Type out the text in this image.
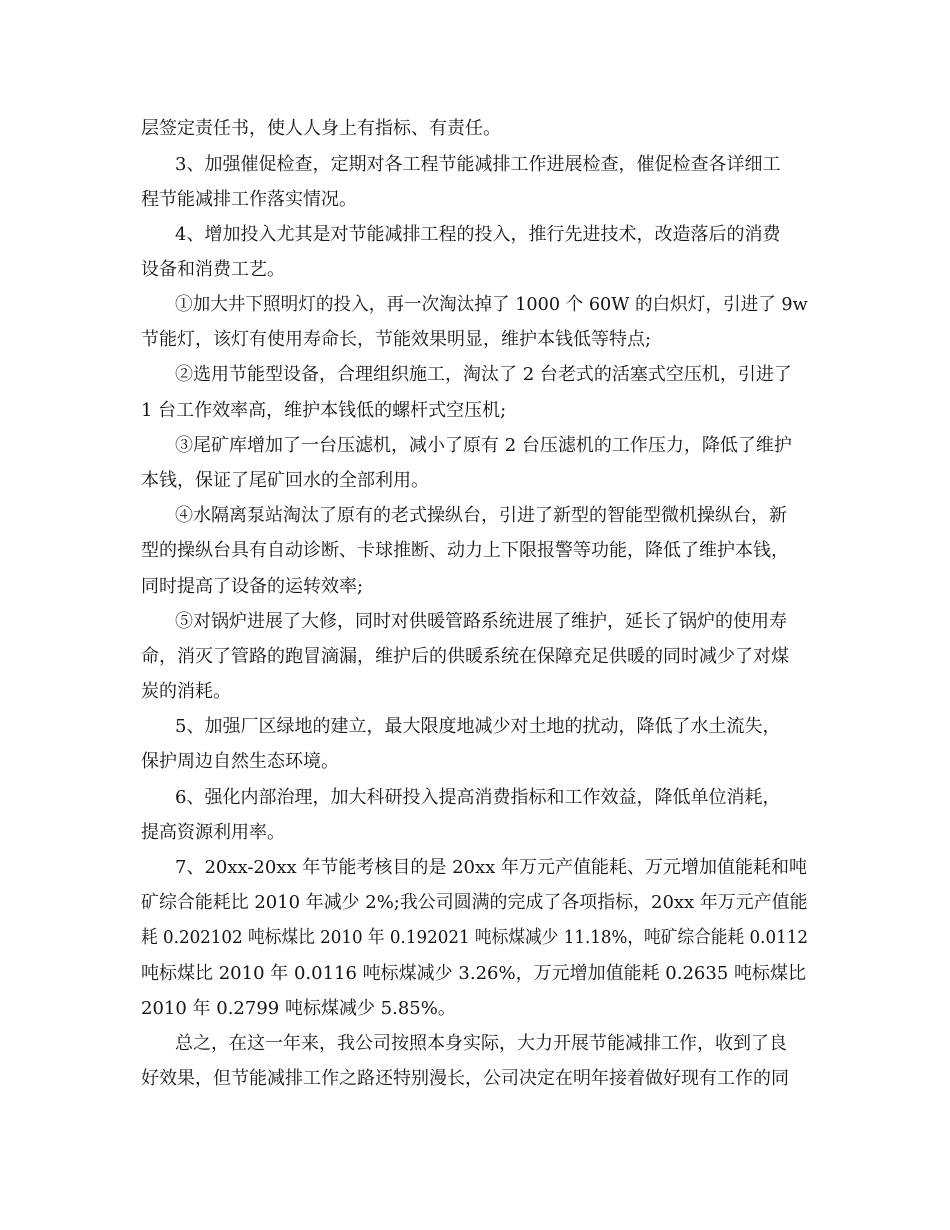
层签定责任书，使人人身上有指标、有责任。
3、加强催促检查，定期对各工程节能减排工作进展检查，催促检查各详细工
程节能减排工作落实情况。
4、增加投入尤其是对节能减排工程的投入，推行先进技术，改造落后的消费
设备和消费工艺。
①加大井下照明灯的投入，再一次淘汰掉了 1000 个 60W 的白炽灯，引进了 9w
节能灯，该灯有使用寿命长，节能效果明显，维护本钱低等特点;
②选用节能型设备，合理组织施工，淘汰了 2 台老式的活塞式空压机，引进了
1 台工作效率高，维护本钱低的螺杆式空压机;
③尾矿库增加了一台压滤机，减小了原有 2 台压滤机的工作压力，降低了维护
本钱，保证了尾矿回水的全部利用。
④水隔离泵站淘汰了原有的老式操纵台，引进了新型的智能型微机操纵台，新
型的操纵台具有自动诊断、卡球推断、动力上下限报警等功能，降低了维护本钱，
同时提高了设备的运转效率;
⑤对锅炉进展了大修，同时对供暖管路系统进展了维护，延长了锅炉的使用寿
命，消灭了管路的跑冒滴漏，维护后的供暖系统在保障充足供暖的同时减少了对煤
炭的消耗。
5、加强厂区绿地的建立，最大限度地减少对土地的扰动，降低了水土流失，
保护周边自然生态环境。
6、强化内部治理，加大科研投入提高消费指标和工作效益，降低单位消耗，
提高资源利用率。
7、20xx-20xx 年节能考核目的是 20xx 年万元产值能耗、万元增加值能耗和吨
矿综合能耗比 2010 年减少 2%;我公司圆满的完成了各项指标，20xx 年万元产值能
耗 0.202102 吨标煤比 2010 年 0.192021 吨标煤减少 11.18%，吨矿综合能耗 0.0112
吨标煤比 2010 年 0.0116 吨标煤减少 3.26%，万元增加值能耗 0.2635 吨标煤比
2010 年 0.2799 吨标煤减少 5.85%。
总之，在这一年来，我公司按照本身实际，大力开展节能减排工作，收到了良
好效果，但节能减排工作之路还特别漫长，公司决定在明年接着做好现有工作的同
